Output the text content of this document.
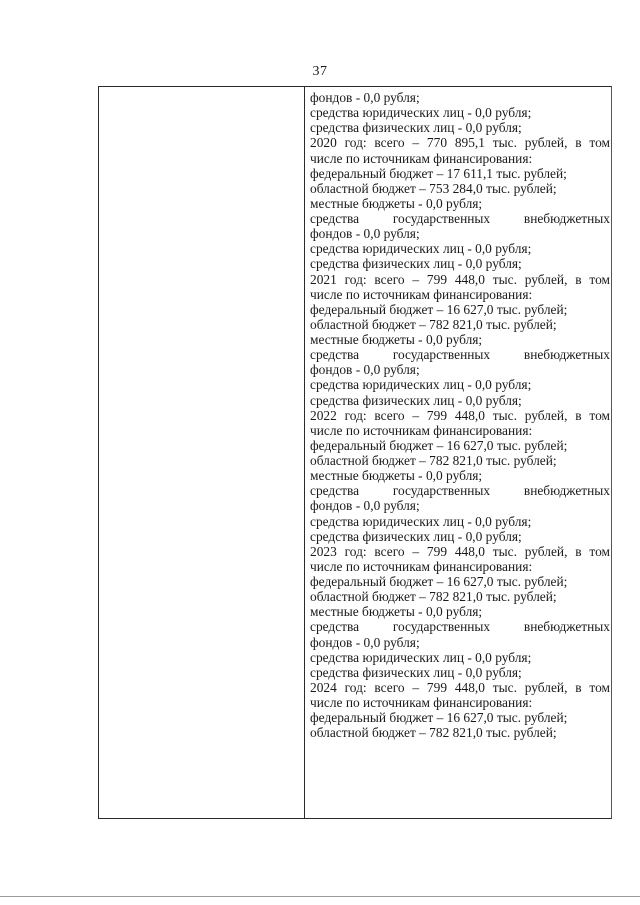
37
фондов - 0,0 рубля;
средства юридических лиц - 0,0 рубля;
средства физических лиц - 0,0 рубля;
2020 год: всего – 770 895,1 тыс. рублей, в том
числе по источникам финансирования:
федеральный бюджет – 17 611,1 тыс. рублей;
областной бюджет – 753 284,0 тыс. рублей;
местные бюджеты - 0,0 рубля;
средства государственных внебюджетных
фондов - 0,0 рубля;
средства юридических лиц - 0,0 рубля;
средства физических лиц - 0,0 рубля;
2021 год: всего – 799 448,0 тыс. рублей, в том
числе по источникам финансирования:
федеральный бюджет – 16 627,0 тыс. рублей;
областной бюджет – 782 821,0 тыс. рублей;
местные бюджеты - 0,0 рубля;
средства государственных внебюджетных
фондов - 0,0 рубля;
средства юридических лиц - 0,0 рубля;
средства физических лиц - 0,0 рубля;
2022 год: всего – 799 448,0 тыс. рублей, в том
числе по источникам финансирования:
федеральный бюджет – 16 627,0 тыс. рублей;
областной бюджет – 782 821,0 тыс. рублей;
местные бюджеты - 0,0 рубля;
средства государственных внебюджетных
фондов - 0,0 рубля;
средства юридических лиц - 0,0 рубля;
средства физических лиц - 0,0 рубля;
2023 год: всего – 799 448,0 тыс. рублей, в том
числе по источникам финансирования:
федеральный бюджет – 16 627,0 тыс. рублей;
областной бюджет – 782 821,0 тыс. рублей;
местные бюджеты - 0,0 рубля;
средства государственных внебюджетных
фондов - 0,0 рубля;
средства юридических лиц - 0,0 рубля;
средства физических лиц - 0,0 рубля;
2024 год: всего – 799 448,0 тыс. рублей, в том
числе по источникам финансирования:
федеральный бюджет – 16 627,0 тыс. рублей;
областной бюджет – 782 821,0 тыс. рублей;
